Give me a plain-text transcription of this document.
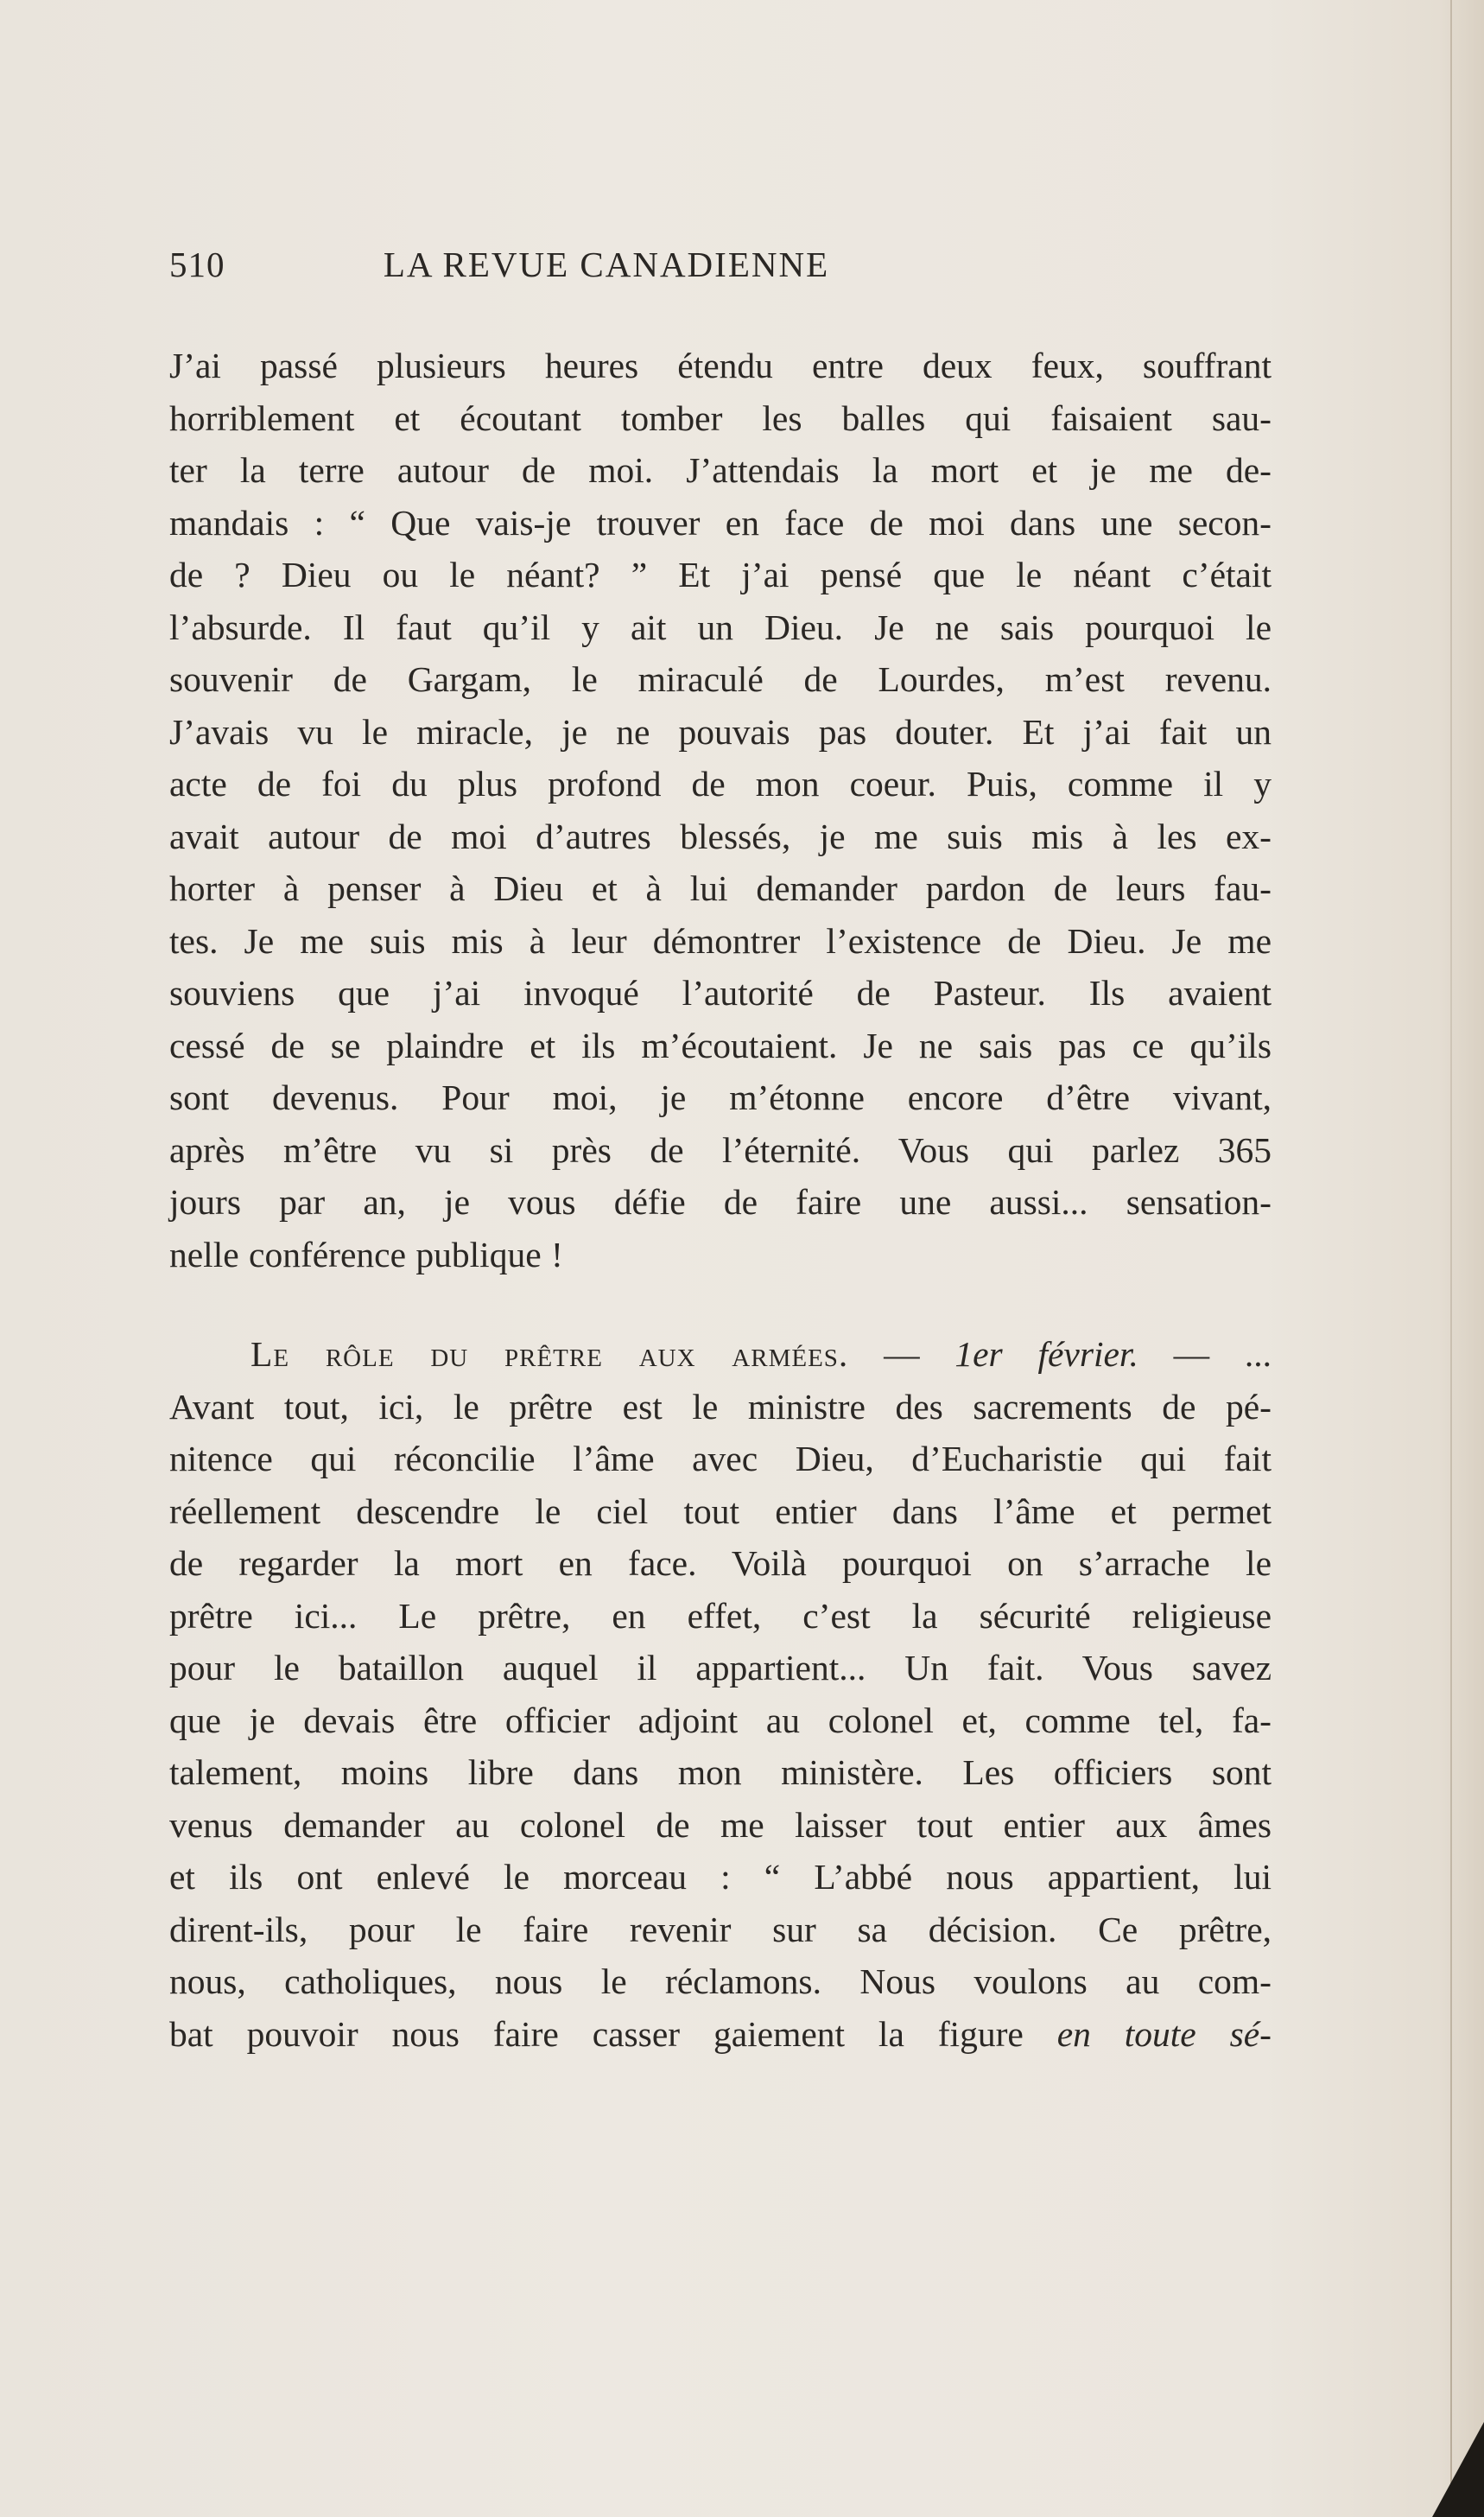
510	LA REVUE CANADIENNE
J’ai passé plusieurs heures étendu entre deux feux, souffrant
horriblement et écoutant tomber les balles qui faisaient sau-
ter la terre autour de moi. J’attendais la mort et je me de-
mandais : “ Que vais-je trouver en face de moi dans une secon-
de ? Dieu ou le néant? ” Et j’ai pensé que le néant c’était
l’absurde. Il faut qu’il y ait un Dieu. Je ne sais pourquoi le
souvenir de Gargam, le miraculé de Lourdes, m’est revenu.
J’avais vu le miracle, je ne pouvais pas douter. Et j’ai fait un
acte de foi du plus profond de mon coeur. Puis, comme il y
avait autour de moi d’autres blessés, je me suis mis à les ex-
horter à penser à Dieu et à lui demander pardon de leurs fau-
tes. Je me suis mis à leur démontrer l’existence de Dieu. Je me
souviens que j’ai invoqué l’autorité de Pasteur. Ils avaient
cessé de se plaindre et ils m’écoutaient. Je ne sais pas ce qu’ils
sont devenus. Pour moi, je m’étonne encore d’être vivant,
après m’être vu si près de l’éternité. Vous qui parlez 365
jours par an, je vous défie de faire une aussi... sensation-
nelle conférence publique !
Le rôle du prêtre aux armées. — 1er février. — ...
Avant tout, ici, le prêtre est le ministre des sacrements de pé-
nitence qui réconcilie l’âme avec Dieu, d’Eucharistie qui fait
réellement descendre le ciel tout entier dans l’âme et permet
de regarder la mort en face. Voilà pourquoi on s’arrache le
prêtre ici... Le prêtre, en effet, c’est la sécurité religieuse
pour le bataillon auquel il appartient... Un fait. Vous savez
que je devais être officier adjoint au colonel et, comme tel, fa-
talement, moins libre dans mon ministère. Les officiers sont
venus demander au colonel de me laisser tout entier aux âmes
et ils ont enlevé le morceau : “ L’abbé nous appartient, lui
dirent-ils, pour le faire revenir sur sa décision. Ce prêtre,
nous, catholiques, nous le réclamons. Nous voulons au com-
bat pouvoir nous faire casser gaiement la figure en toute sé-
